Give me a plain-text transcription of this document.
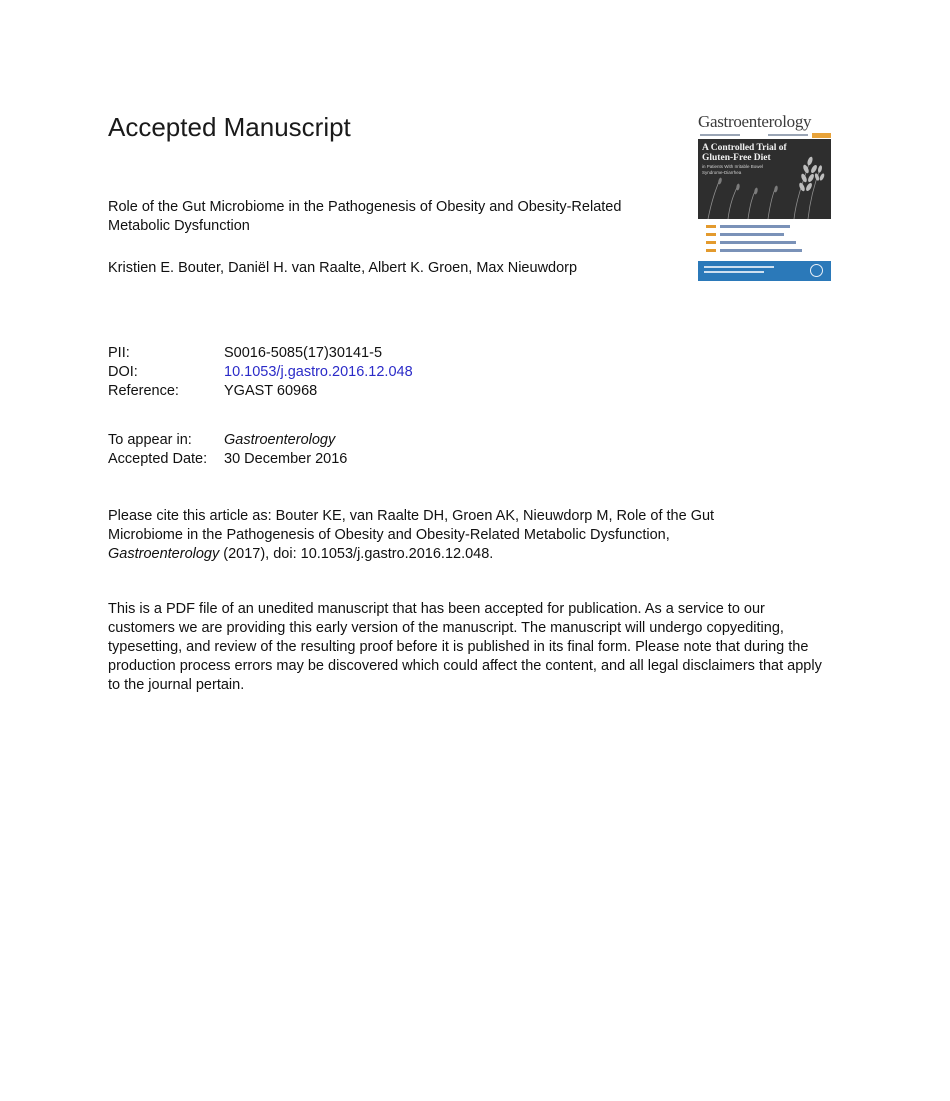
Accepted Manuscript
Role of the Gut Microbiome in the Pathogenesis of Obesity and Obesity-Related Metabolic Dysfunction
Kristien E. Bouter, Daniël H. van Raalte, Albert K. Groen, Max Nieuwdorp
PII:	S0016-5085(17)30141-5
DOI:	10.1053/j.gastro.2016.12.048
Reference:	YGAST 60968
To appear in: Gastroenterology
Accepted Date: 30 December 2016
Please cite this article as: Bouter KE, van Raalte DH, Groen AK, Nieuwdorp M, Role of the Gut Microbiome in the Pathogenesis of Obesity and Obesity-Related Metabolic Dysfunction, Gastroenterology (2017), doi: 10.1053/j.gastro.2016.12.048.
This is a PDF file of an unedited manuscript that has been accepted for publication. As a service to our customers we are providing this early version of the manuscript. The manuscript will undergo copyediting, typesetting, and review of the resulting proof before it is published in its final form. Please note that during the production process errors may be discovered which could affect the content, and all legal disclaimers that apply to the journal pertain.
Gastroenterology
A Controlled Trial of Gluten-Free Diet
in Patients With Irritable Bowel Syndrome-Diarrhea
